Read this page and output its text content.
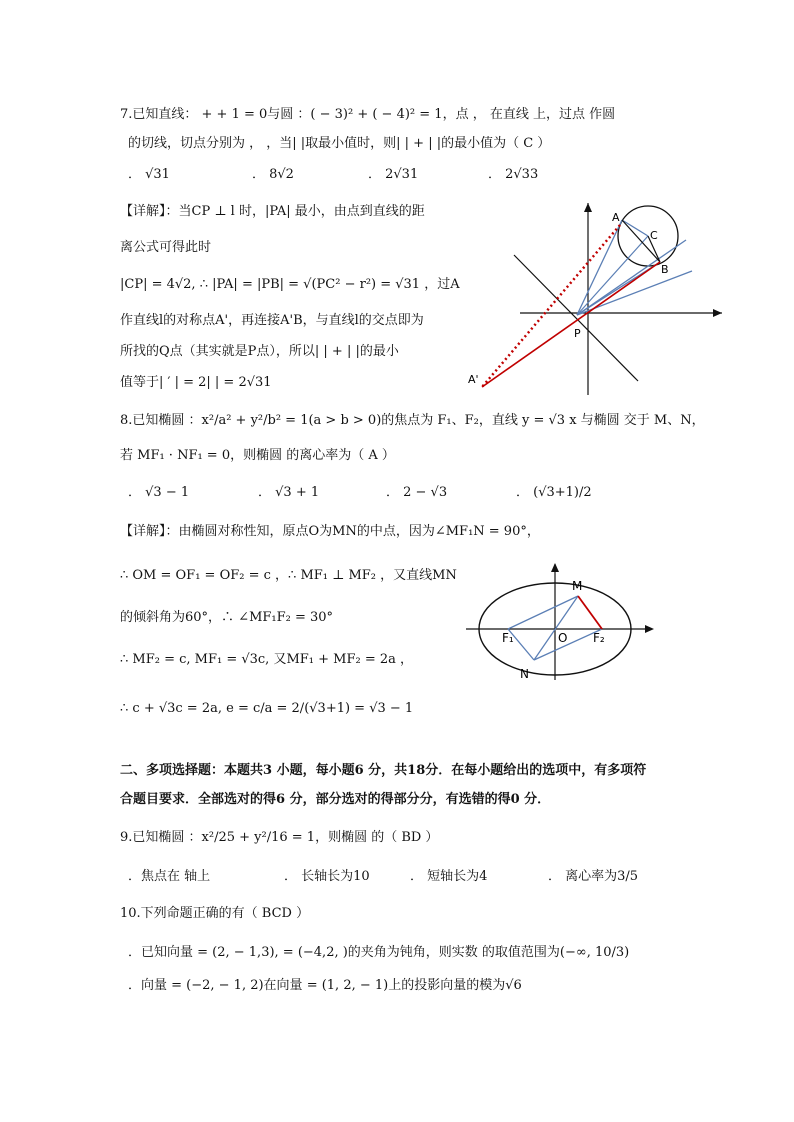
7.已知直线： + + 1 = 0与圆 ：( − 3)² + ( − 4)² = 1，点 ， 在直线 上，过点 作圆
的切线，切点分别为 ， ，当| |取最小值时，则| | + | |的最小值为（ C ）
． √31	． 8√2	． 2√31	． 2√33
【详解】：当CP ⊥ l 时，|PA| 最小，由点到直线的距
离公式可得此时
|CP| = 4√2, ∴ |PA| = |PB| = √(PC² − r²) = √31 ，过A
作直线l的对称点A'，再连接A'B，与直线l的交点即为
所找的Q点（其实就是P点），所以| | + | |的最小
值等于| ′ | = 2| | = 2√31
A
C
B
P
A'
8.已知椭圆 ：x²/a² + y²/b² = 1(a > b > 0)的焦点为 F₁、F₂，直线 y = √3 x 与椭圆 交于 M、N，
若 MF₁ · NF₁ = 0，则椭圆 的离心率为（ A ）
． √3 − 1	． √3 + 1	． 2 − √3	． (√3+1)/2
【详解】：由椭圆对称性知，原点O为MN的中点，因为∠MF₁N = 90°，
∴ OM = OF₁ = OF₂ = c ，∴ MF₁ ⊥ MF₂ ，又直线MN
的倾斜角为60°，∴ ∠MF₁F₂ = 30°
∴ MF₂ = c, MF₁ = √3c, 又MF₁ + MF₂ = 2a ，
∴ c + √3c = 2a, e = c/a = 2/(√3+1) = √3 − 1
M
F₁	O F₂
N
二、多项选择题：本题共3 小题，每小题6 分，共18分．在每小题给出的选项中，有多项符
合题目要求．全部选对的得6 分，部分选对的得部分分，有选错的得0 分．
9.已知椭圆 ：x²/25 + y²/16 = 1，则椭圆 的（ BD ）
．焦点在 轴上	． 长轴长为10	． 短轴长为4	． 离心率为3/5
10.下列命题正确的有（ BCD ）
．已知向量 = (2, − 1,3), = (−4,2, )的夹角为钝角，则实数 的取值范围为(−∞, 10/3)
．向量 = (−2, − 1, 2)在向量 = (1, 2, − 1)上的投影向量的模为√6
